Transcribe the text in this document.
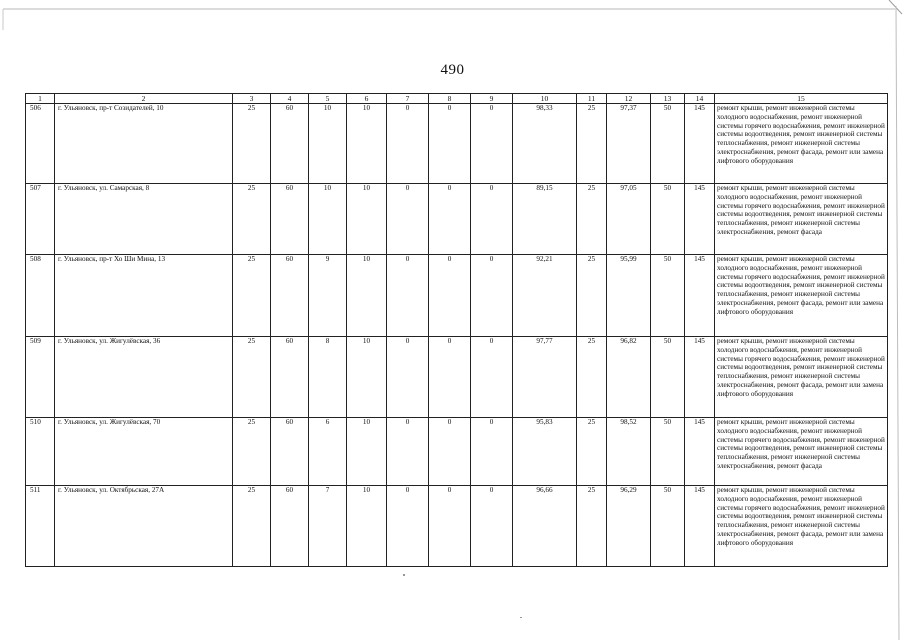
490
1	2	3	4	5	6	7	8	9	10	11	12	13	14	15
506	г. Ульяновск, пр-т Созидателей, 10	25	60	10	10	0	0	0	98,33	25	97,37	50	145	ремонт крыши, ремонт инженерной системы холодного водоснабжения, ремонт инженерной системы горячего водоснабжения, ремонт инженерной системы водоотведения, ремонт инженерной системы теплоснабжения, ремонт инженерной системы электроснабжения, ремонт фасада, ремонт или замена лифтового оборудования
507	г. Ульяновск, ул. Самарская, 8	25	60	10	10	0	0	0	89,15	25	97,05	50	145	ремонт крыши, ремонт инженерной системы холодного водоснабжения, ремонт инженерной системы горячего водоснабжения, ремонт инженерной системы водоотведения, ремонт инженерной системы теплоснабжения, ремонт инженерной системы электроснабжения, ремонт фасада
508	г. Ульяновск, пр-т Хо Ши Мина, 13	25	60	9	10	0	0	0	92,21	25	95,99	50	145	ремонт крыши, ремонт инженерной системы холодного водоснабжения, ремонт инженерной системы горячего водоснабжения, ремонт инженерной системы водоотведения, ремонт инженерной системы теплоснабжения, ремонт инженерной системы электроснабжения, ремонт фасада, ремонт или замена лифтового оборудования
509	г. Ульяновск, ул. Жигулёвская, 36	25	60	8	10	0	0	0	97,77	25	96,82	50	145	ремонт крыши, ремонт инженерной системы холодного водоснабжения, ремонт инженерной системы горячего водоснабжения, ремонт инженерной системы водоотведения, ремонт инженерной системы теплоснабжения, ремонт инженерной системы электроснабжения, ремонт фасада, ремонт или замена лифтового оборудования
510	г. Ульяновск, ул. Жигулёвская, 70	25	60	6	10	0	0	0	95,83	25	98,52	50	145	ремонт крыши, ремонт инженерной системы холодного водоснабжения, ремонт инженерной системы горячего водоснабжения, ремонт инженерной системы водоотведения, ремонт инженерной системы теплоснабжения, ремонт инженерной системы электроснабжения, ремонт фасада
511	г. Ульяновск, ул. Октябрьская, 27А	25	60	7	10	0	0	0	96,66	25	96,29	50	145	ремонт крыши, ремонт инженерной системы холодного водоснабжения, ремонт инженерной системы горячего водоснабжения, ремонт инженерной системы водоотведения, ремонт инженерной системы теплоснабжения, ремонт инженерной системы электроснабжения, ремонт фасада, ремонт или замена лифтового оборудования
